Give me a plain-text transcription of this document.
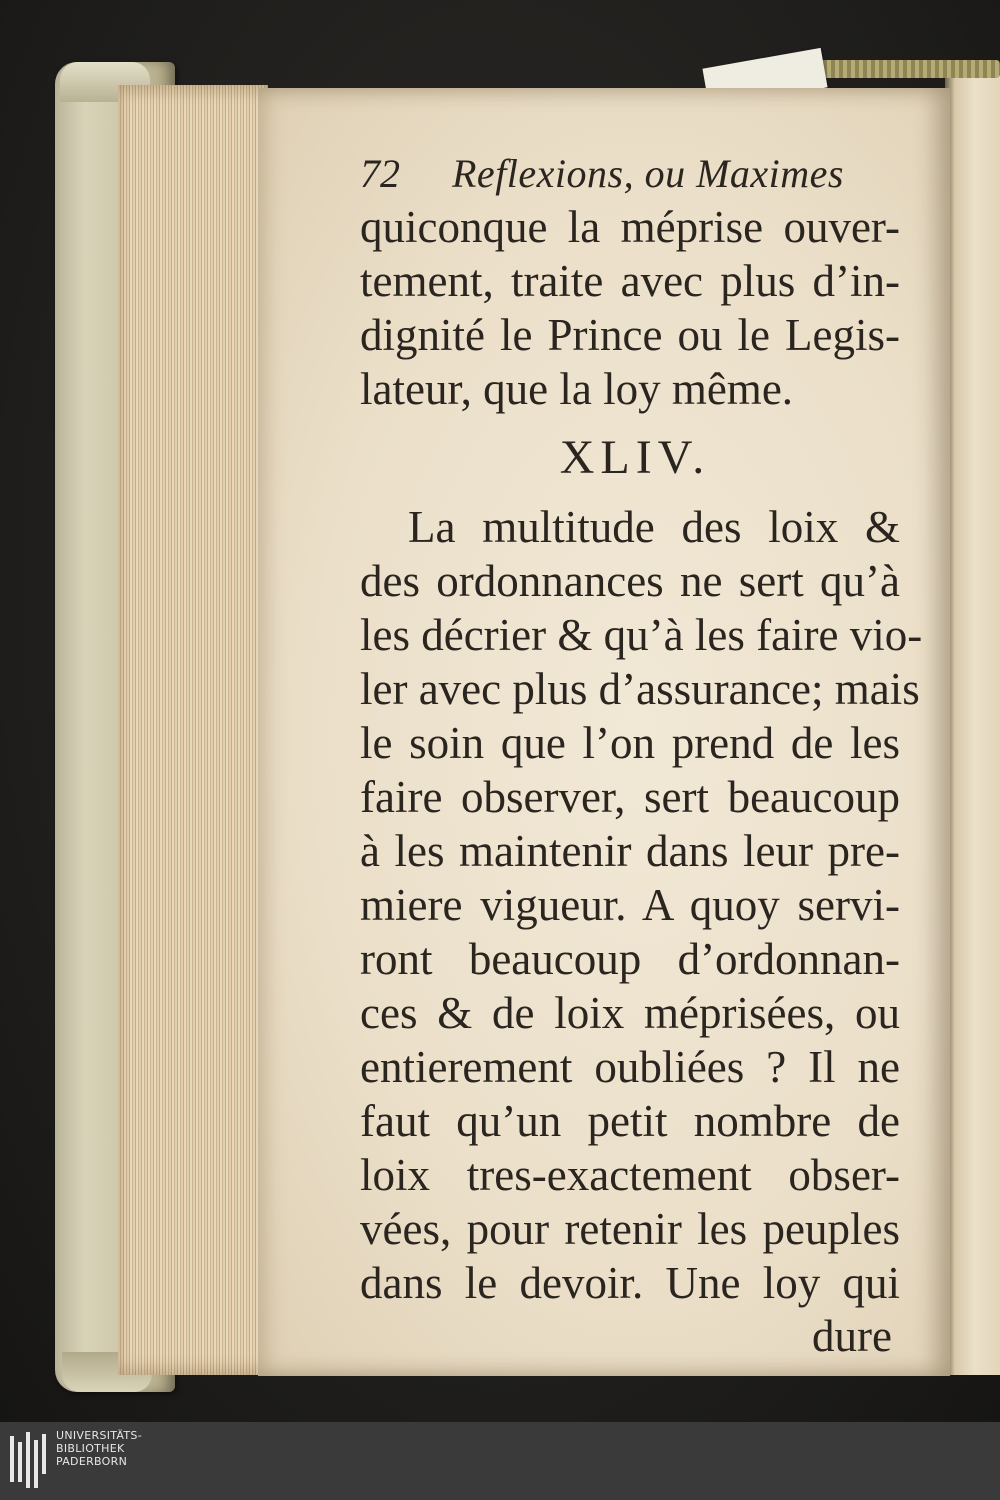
72	Reflexions, ou Maximes
quiconque la méprise ouver-
tement, traite avec plus d’in-
dignité le Prince ou le Legis-
lateur, que la loy même.
XLIV.
La multitude des loix &
des ordonnances ne sert qu’à
les décrier & qu’à les faire vio-
ler avec plus d’assurance; mais
le soin que l’on prend de les
faire observer, sert beaucoup
à les maintenir dans leur pre-
miere vigueur. A quoy servi-
ront beaucoup d’ordonnan-
ces & de loix méprisées, ou
entierement oubliées ? Il ne
faut qu’un petit nombre de
loix tres-exactement obser-
vées, pour retenir les peuples
dans le devoir. Une loy qui
dure
UNIVERSITÄTS-
BIBLIOTHEK
PADERBORN
